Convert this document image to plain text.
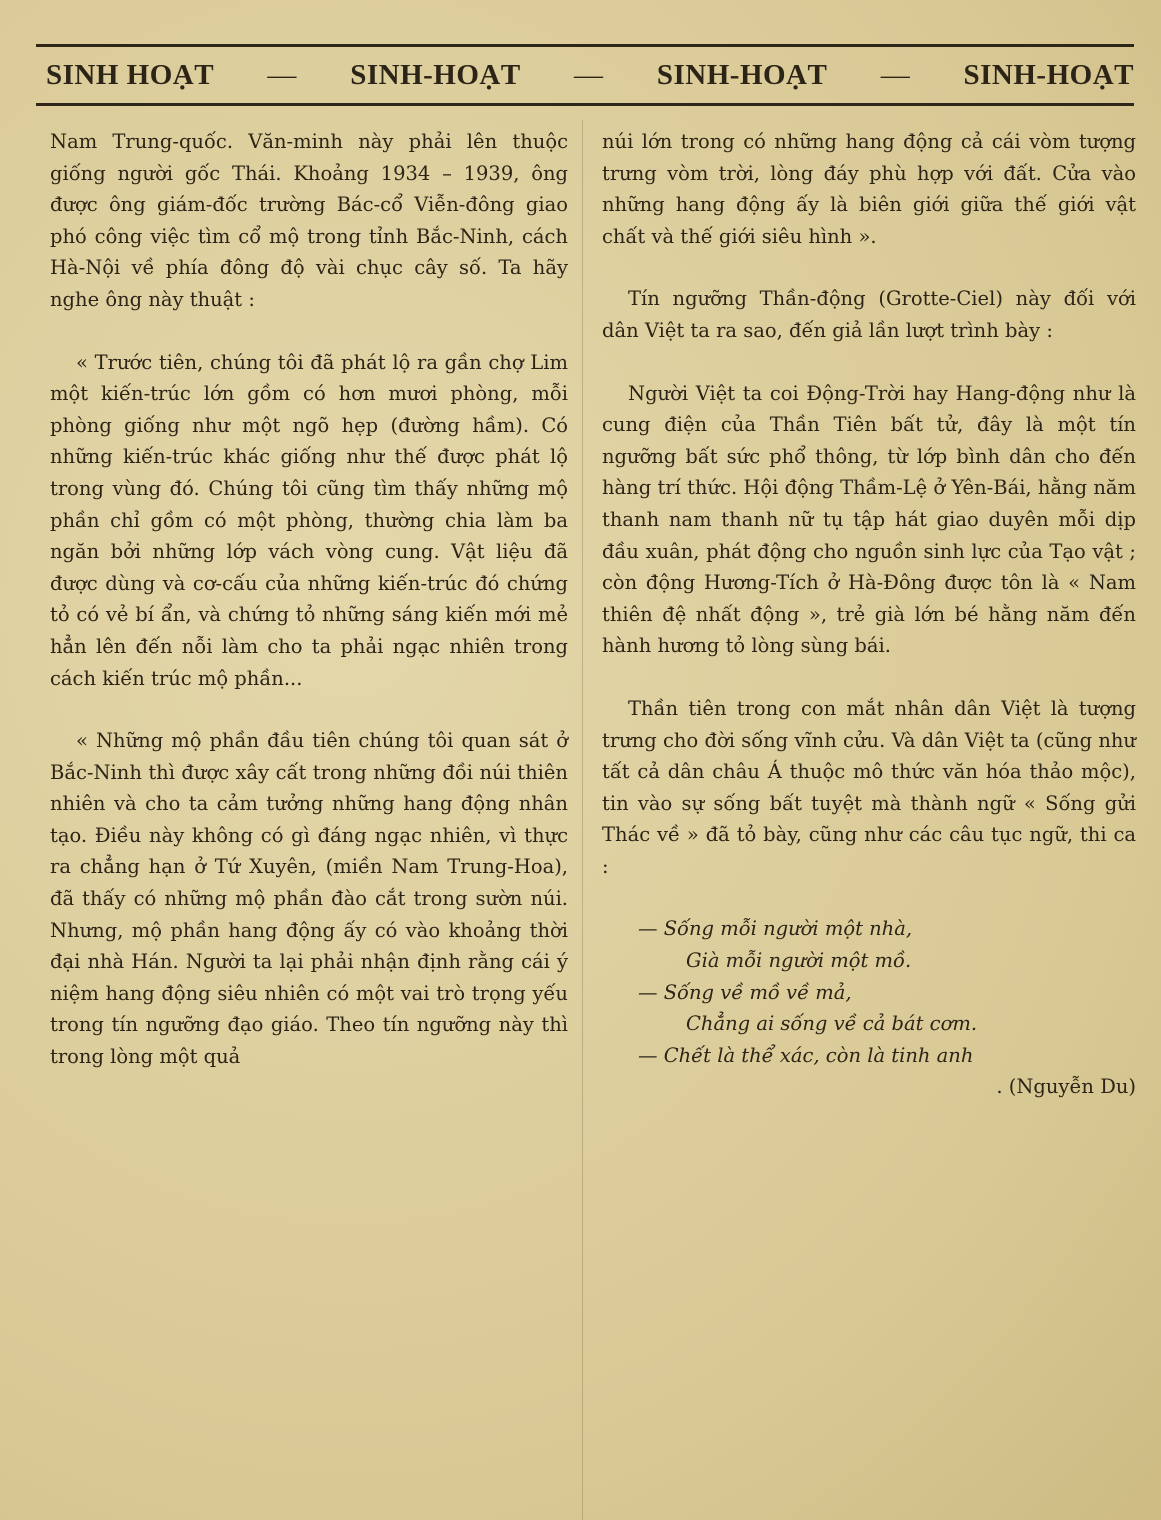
SINH HOẠT — SINH-HOẠT — SINH-HOẠT — SINH-HOẠT

Nam Trung-quốc. Văn-minh này phải lên thuộc giống người gốc Thái. Khoảng 1934 – 1939, ông được ông giám-đốc trường Bác-cổ Viễn-đông giao phó công việc tìm cổ mộ trong tỉnh Bắc-Ninh, cách Hà-Nội về phía đông độ vài chục cây số. Ta hãy nghe ông này thuật :

« Trước tiên, chúng tôi đã phát lộ ra gần chợ Lim một kiến-trúc lớn gồm có hơn mươi phòng, mỗi phòng giống như một ngõ hẹp (đường hầm). Có những kiến-trúc khác giống như thế được phát lộ trong vùng đó. Chúng tôi cũng tìm thấy những mộ phần chỉ gồm có một phòng, thường chia làm ba ngăn bởi những lớp vách vòng cung. Vật liệu đã được dùng và cơ-cấu của những kiến-trúc đó chứng tỏ có vẻ bí ẩn, và chứng tỏ những sáng kiến mới mẻ hẳn lên đến nỗi làm cho ta phải ngạc nhiên trong cách kiến trúc mộ phần...

« Những mộ phần đầu tiên chúng tôi quan sát ở Bắc-Ninh thì được xây cất trong những đồi núi thiên nhiên và cho ta cảm tưởng những hang động nhân tạo. Điều này không có gì đáng ngạc nhiên, vì thực ra chẳng hạn ở Tứ Xuyên, (miền Nam Trung-Hoa), đã thấy có những mộ phần đào cắt trong sườn núi. Nhưng, mộ phần hang động ấy có vào khoảng thời đại nhà Hán. Người ta lại phải nhận định rằng cái ý niệm hang động siêu nhiên có một vai trò trọng yếu trong tín ngưỡng đạo giáo. Theo tín ngưỡng này thì trong lòng một quả

núi lớn trong có những hang động cả cái vòm tượng trưng vòm trời, lòng đáy phù hợp với đất. Cửa vào những hang động ấy là biên giới giữa thế giới vật chất và thế giới siêu hình ».

Tín ngưỡng Thần-động (Grotte-Ciel) này đối với dân Việt ta ra sao, đến giả lần lượt trình bày :

Người Việt ta coi Động-Trời hay Hang-động như là cung điện của Thần Tiên bất tử, đây là một tín ngưỡng bất sức phổ thông, từ lớp bình dân cho đến hàng trí thức. Hội động Thầm-Lệ ở Yên-Bái, hằng năm thanh nam thanh nữ tụ tập hát giao duyên mỗi dịp đầu xuân, phát động cho nguồn sinh lực của Tạo vật ; còn động Hương-Tích ở Hà-Đông được tôn là « Nam thiên đệ nhất động », trẻ già lớn bé hằng năm đến hành hương tỏ lòng sùng bái.

Thần tiên trong con mắt nhân dân Việt là tượng trưng cho đời sống vĩnh cửu. Và dân Việt ta (cũng như tất cả dân châu Á thuộc mô thức văn hóa thảo mộc), tin vào sự sống bất tuyệt mà thành ngữ « Sống gửi Thác về » đã tỏ bày, cũng như các câu tục ngữ, thi ca :

— Sống mỗi người một nhà,
Già mỗi người một mồ.
— Sống về mồ về mả,
Chẳng ai sống về cả bát cơm.
— Chết là thể xác, còn là tinh anh
. (Nguyễn Du)
